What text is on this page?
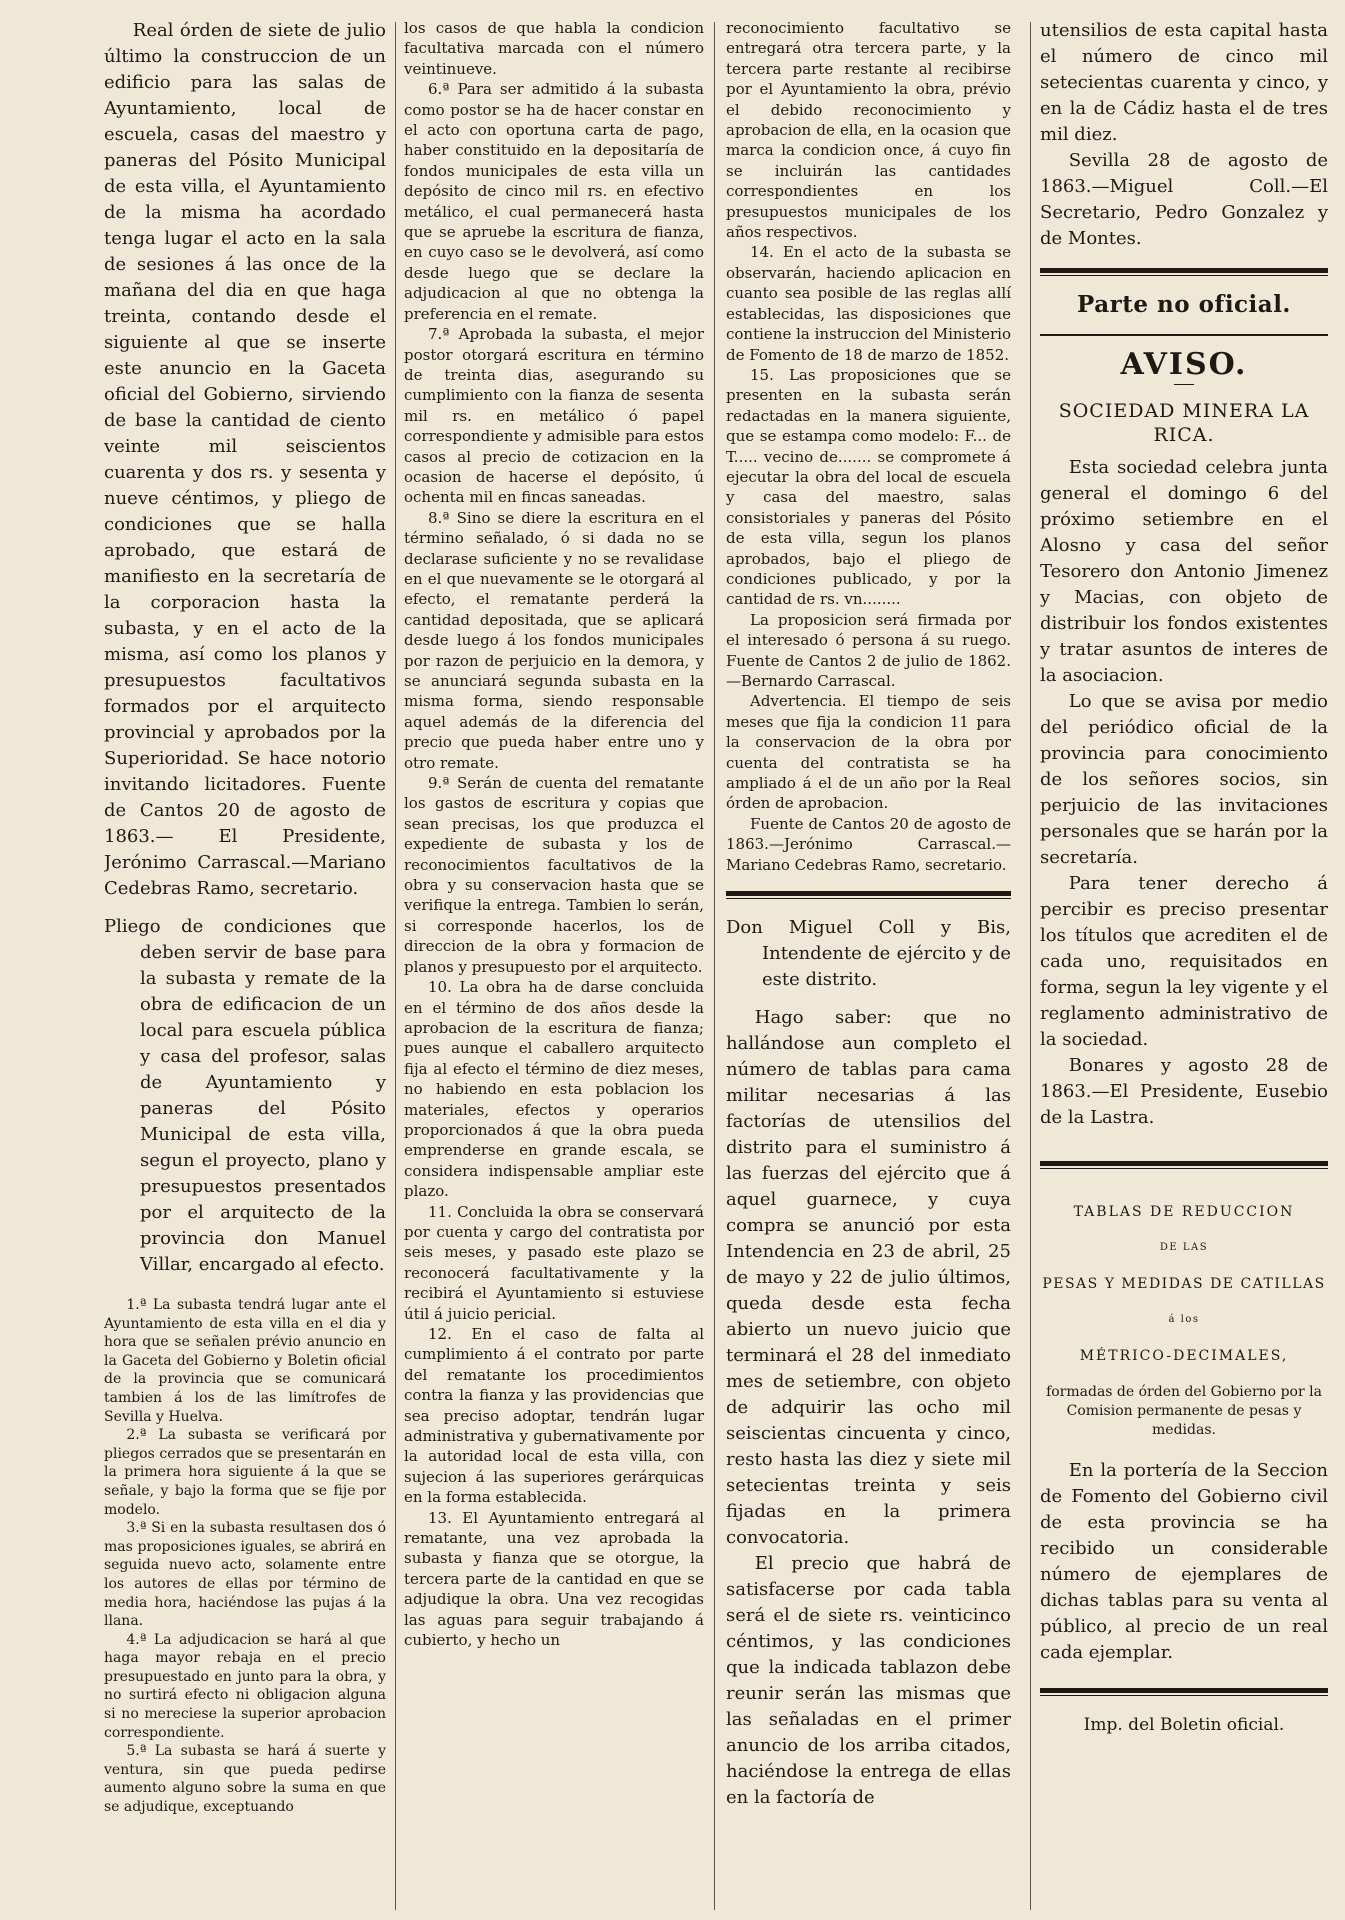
Real órden de siete de julio último la construccion de un edificio para las salas de Ayuntamiento, local de escuela, casas del maestro y paneras del Pósito Municipal de esta villa, el Ayuntamiento de la misma ha acordado tenga lugar el acto en la sala de sesiones á las once de la mañana del dia en que haga treinta, contando desde el siguiente al que se inserte este anuncio en la Gaceta oficial del Gobierno, sirviendo de base la cantidad de ciento veinte mil seiscientos cuarenta y dos rs. y sesenta y nueve céntimos, y pliego de condiciones que se halla aprobado, que estará de manifiesto en la secretaría de la corporacion hasta la subasta, y en el acto de la misma, así como los planos y presupuestos facultativos formados por el arquitecto provincial y aprobados por la Superioridad. Se hace notorio invitando licitadores. Fuente de Cantos 20 de agosto de 1863.— El Presidente, Jerónimo Carrascal.—Mariano Cedebras Ramo, secretario.

Pliego de condiciones que deben servir de base para la subasta y remate de la obra de edificacion de un local para escuela pública y casa del profesor, salas de Ayuntamiento y paneras del Pósito Municipal de esta villa, segun el proyecto, plano y presupuestos presentados por el arquitecto de la provincia don Manuel Villar, encargado al efecto.

1.ª La subasta tendrá lugar ante el Ayuntamiento de esta villa en el dia y hora que se señalen prévio anuncio en la Gaceta del Gobierno y Boletin oficial de la provincia que se comunicará tambien á los de las limítrofes de Sevilla y Huelva.

2.ª La subasta se verificará por pliegos cerrados que se presentarán en la primera hora siguiente á la que se señale, y bajo la forma que se fije por modelo.

3.ª Si en la subasta resultasen dos ó mas proposiciones iguales, se abrirá en seguida nuevo acto, solamente entre los autores de ellas por término de media hora, haciéndose las pujas á la llana.

4.ª La adjudicacion se hará al que haga mayor rebaja en el precio presupuestado en junto para la obra, y no surtirá efecto ni obligacion alguna si no mereciese la superior aprobacion correspondiente.

5.ª La subasta se hará á suerte y ventura, sin que pueda pedirse aumento alguno sobre la suma en que se adjudique, exceptuando

los casos de que habla la condicion facultativa marcada con el número veintinueve.

6.ª Para ser admitido á la subasta como postor se ha de hacer constar en el acto con oportuna carta de pago, haber constituido en la depositaría de fondos municipales de esta villa un depósito de cinco mil rs. en efectivo metálico, el cual permanecerá hasta que se apruebe la escritura de fianza, en cuyo caso se le devolverá, así como desde luego que se declare la adjudicacion al que no obtenga la preferencia en el remate.

7.ª Aprobada la subasta, el mejor postor otorgará escritura en término de treinta dias, asegurando su cumplimiento con la fianza de sesenta mil rs. en metálico ó papel correspondiente y admisible para estos casos al precio de cotizacion en la ocasion de hacerse el depósito, ú ochenta mil en fincas saneadas.

8.ª Sino se diere la escritura en el término señalado, ó si dada no se declarase suficiente y no se revalidase en el que nuevamente se le otorgará al efecto, el rematante perderá la cantidad depositada, que se aplicará desde luego á los fondos municipales por razon de perjuicio en la demora, y se anunciará segunda subasta en la misma forma, siendo responsable aquel además de la diferencia del precio que pueda haber entre uno y otro remate.

9.ª Serán de cuenta del rematante los gastos de escritura y copias que sean precisas, los que produzca el expediente de subasta y los de reconocimientos facultativos de la obra y su conservacion hasta que se verifique la entrega. Tambien lo serán, si corresponde hacerlos, los de direccion de la obra y formacion de planos y presupuesto por el arquitecto.

10. La obra ha de darse concluida en el término de dos años desde la aprobacion de la escritura de fianza; pues aunque el caballero arquitecto fija al efecto el término de diez meses, no habiendo en esta poblacion los materiales, efectos y operarios proporcionados á que la obra pueda emprenderse en grande escala, se considera indispensable ampliar este plazo.

11. Concluida la obra se conservará por cuenta y cargo del contratista por seis meses, y pasado este plazo se reconocerá facultativamente y la recibirá el Ayuntamiento si estuviese útil á juicio pericial.

12. En el caso de falta al cumplimiento á el contrato por parte del rematante los procedimientos contra la fianza y las providencias que sea preciso adoptar, tendrán lugar administrativa y gubernativamente por la autoridad local de esta villa, con sujecion á las superiores gerárquicas en la forma establecida.

13. El Ayuntamiento entregará al rematante, una vez aprobada la subasta y fianza que se otorgue, la tercera parte de la cantidad en que se adjudique la obra. Una vez recogidas las aguas para seguir trabajando á cubierto, y hecho un

reconocimiento facultativo se entregará otra tercera parte, y la tercera parte restante al recibirse por el Ayuntamiento la obra, prévio el debido reconocimiento y aprobacion de ella, en la ocasion que marca la condicion once, á cuyo fin se incluirán las cantidades correspondientes en los presupuestos municipales de los años respectivos.

14. En el acto de la subasta se observarán, haciendo aplicacion en cuanto sea posible de las reglas allí establecidas, las disposiciones que contiene la instruccion del Ministerio de Fomento de 18 de marzo de 1852.

15. Las proposiciones que se presenten en la subasta serán redactadas en la manera siguiente, que se estampa como modelo: F... de T..... vecino de....... se compromete á ejecutar la obra del local de escuela y casa del maestro, salas consistoriales y paneras del Pósito de esta villa, segun los planos aprobados, bajo el pliego de condiciones publicado, y por la cantidad de rs. vn........

La proposicion será firmada por el interesado ó persona á su ruego. Fuente de Cantos 2 de julio de 1862.—Bernardo Carrascal.

Advertencia. El tiempo de seis meses que fija la condicion 11 para la conservacion de la obra por cuenta del contratista se ha ampliado á el de un año por la Real órden de aprobacion.

Fuente de Cantos 20 de agosto de 1863.—Jerónimo Carrascal.—Mariano Cedebras Ramo, secretario.

Don Miguel Coll y Bis, Intendente de ejército y de este distrito.

Hago saber: que no hallándose aun completo el número de tablas para cama militar necesarias á las factorías de utensilios del distrito para el suministro á las fuerzas del ejército que á aquel guarnece, y cuya compra se anunció por esta Intendencia en 23 de abril, 25 de mayo y 22 de julio últimos, queda desde esta fecha abierto un nuevo juicio que terminará el 28 del inmediato mes de setiembre, con objeto de adquirir las ocho mil seiscientas cincuenta y cinco, resto hasta las diez y siete mil setecientas treinta y seis fijadas en la primera convocatoria.

El precio que habrá de satisfacerse por cada tabla será el de siete rs. veinticinco céntimos, y las condiciones que la indicada tablazon debe reunir serán las mismas que las señaladas en el primer anuncio de los arriba citados, haciéndose la entrega de ellas en la factoría de

utensilios de esta capital hasta el número de cinco mil setecientas cuarenta y cinco, y en la de Cádiz hasta el de tres mil diez.

Sevilla 28 de agosto de 1863.—Miguel Coll.—El Secretario, Pedro Gonzalez y de Montes.

Parte no oficial.
AVISO.
SOCIEDAD MINERA LA RICA.

Esta sociedad celebra junta general el domingo 6 del próximo setiembre en el Alosno y casa del señor Tesorero don Antonio Jimenez y Macias, con objeto de distribuir los fondos existentes y tratar asuntos de interes de la asociacion.

Lo que se avisa por medio del periódico oficial de la provincia para conocimiento de los señores socios, sin perjuicio de las invitaciones personales que se harán por la secretaría.

Para tener derecho á percibir es preciso presentar los títulos que acrediten el de cada uno, requisitados en forma, segun la ley vigente y el reglamento administrativo de la sociedad.

Bonares y agosto 28 de 1863.—El Presidente, Eusebio de la Lastra.

TABLAS DE REDUCCION
DE LAS
PESAS Y MEDIDAS DE CATILLAS
á los
MÉTRICO-DECIMALES,
formadas de órden del Gobierno por la Comision permanente de pesas y medidas.

En la portería de la Seccion de Fomento del Gobierno civil de esta provincia se ha recibido un considerable número de ejemplares de dichas tablas para su venta al público, al precio de un real cada ejemplar.

Imp. del Boletin oficial.
